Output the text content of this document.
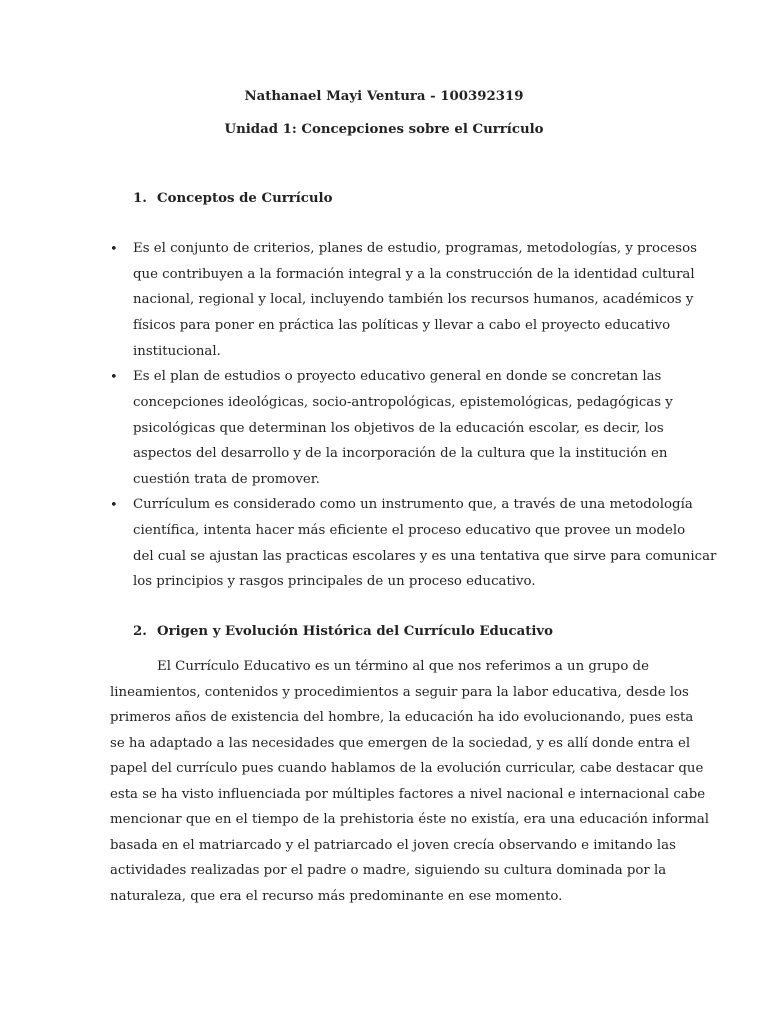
Nathanael Mayi Ventura - 100392319
Unidad 1: Concepciones sobre el Currículo
1. Conceptos de Currículo
• Es el conjunto de criterios, planes de estudio, programas, metodologías, y procesos
que contribuyen a la formación integral y a la construcción de la identidad cultural
nacional, regional y local, incluyendo también los recursos humanos, académicos y
físicos para poner en práctica las políticas y llevar a cabo el proyecto educativo
institucional.
• Es el plan de estudios o proyecto educativo general en donde se concretan las
concepciones ideológicas, socio-antropológicas, epistemológicas, pedagógicas y
psicológicas que determinan los objetivos de la educación escolar, es decir, los
aspectos del desarrollo y de la incorporación de la cultura que la institución en
cuestión trata de promover.
• Currículum es considerado como un instrumento que, a través de una metodología
científica, intenta hacer más eficiente el proceso educativo que provee un modelo
del cual se ajustan las practicas escolares y es una tentativa que sirve para comunicar
los principios y rasgos principales de un proceso educativo.
2. Origen y Evolución Histórica del Currículo Educativo
El Currículo Educativo es un término al que nos referimos a un grupo de
lineamientos, contenidos y procedimientos a seguir para la labor educativa, desde los
primeros años de existencia del hombre, la educación ha ido evolucionando, pues esta
se ha adaptado a las necesidades que emergen de la sociedad, y es allí donde entra el
papel del currículo pues cuando hablamos de la evolución curricular, cabe destacar que
esta se ha visto influenciada por múltiples factores a nivel nacional e internacional cabe
mencionar que en el tiempo de la prehistoria éste no existía, era una educación informal
basada en el matriarcado y el patriarcado el joven crecía observando e imitando las
actividades realizadas por el padre o madre, siguiendo su cultura dominada por la
naturaleza, que era el recurso más predominante en ese momento.
